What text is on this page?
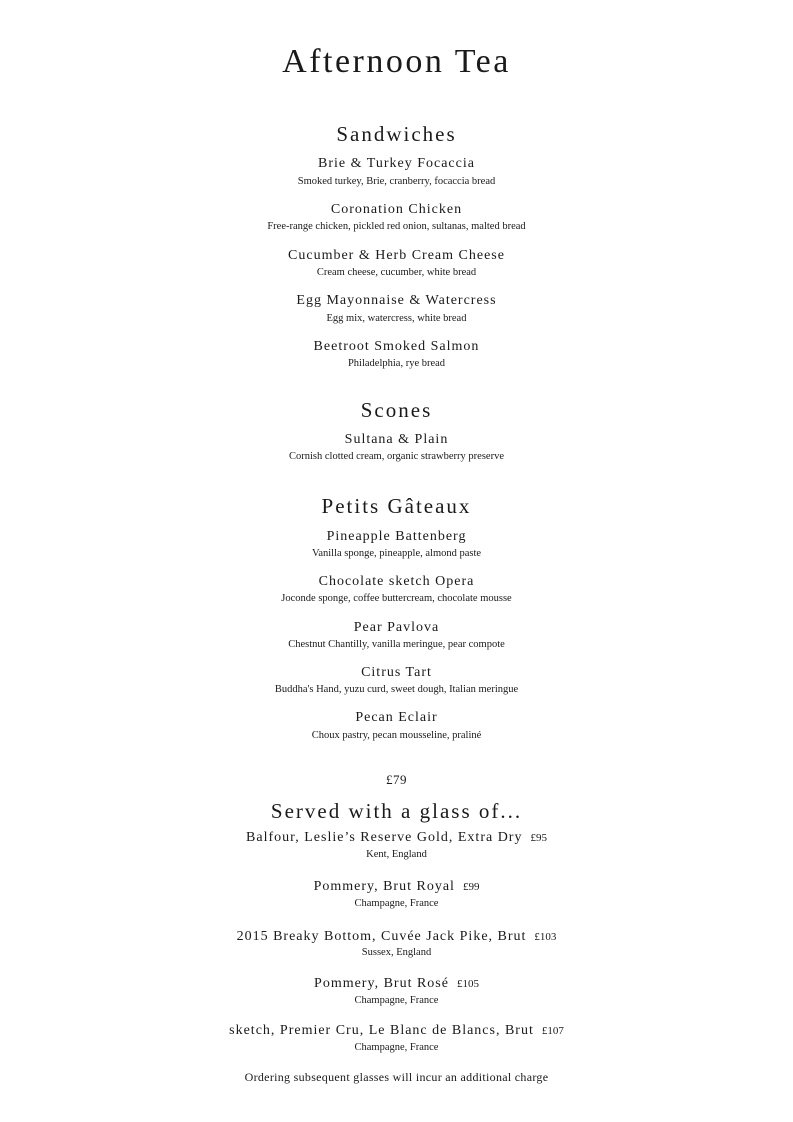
Afternoon Tea
Sandwiches
Brie & Turkey Focaccia
Smoked turkey, Brie, cranberry, focaccia bread
Coronation Chicken
Free-range chicken, pickled red onion, sultanas, malted bread
Cucumber & Herb Cream Cheese
Cream cheese, cucumber, white bread
Egg Mayonnaise & Watercress
Egg mix, watercress, white bread
Beetroot Smoked Salmon
Philadelphia, rye bread
Scones
Sultana & Plain
Cornish clotted cream, organic strawberry preserve
Petits Gâteaux
Pineapple Battenberg
Vanilla sponge, pineapple, almond paste
Chocolate sketch Opera
Joconde sponge, coffee buttercream, chocolate mousse
Pear Pavlova
Chestnut Chantilly, vanilla meringue, pear compote
Citrus Tart
Buddha's Hand, yuzu curd, sweet dough, Italian meringue
Pecan Eclair
Choux pastry, pecan mousseline, praliné
£79
Served with a glass of...
Balfour, Leslie’s Reserve Gold, Extra Dry £95
Kent, England
Pommery, Brut Royal £99
Champagne, France
2015 Breaky Bottom, Cuvée Jack Pike, Brut £103
Sussex, England
Pommery, Brut Rosé £105
Champagne, France
sketch, Premier Cru, Le Blanc de Blancs, Brut £107
Champagne, France
Ordering subsequent glasses will incur an additional charge
